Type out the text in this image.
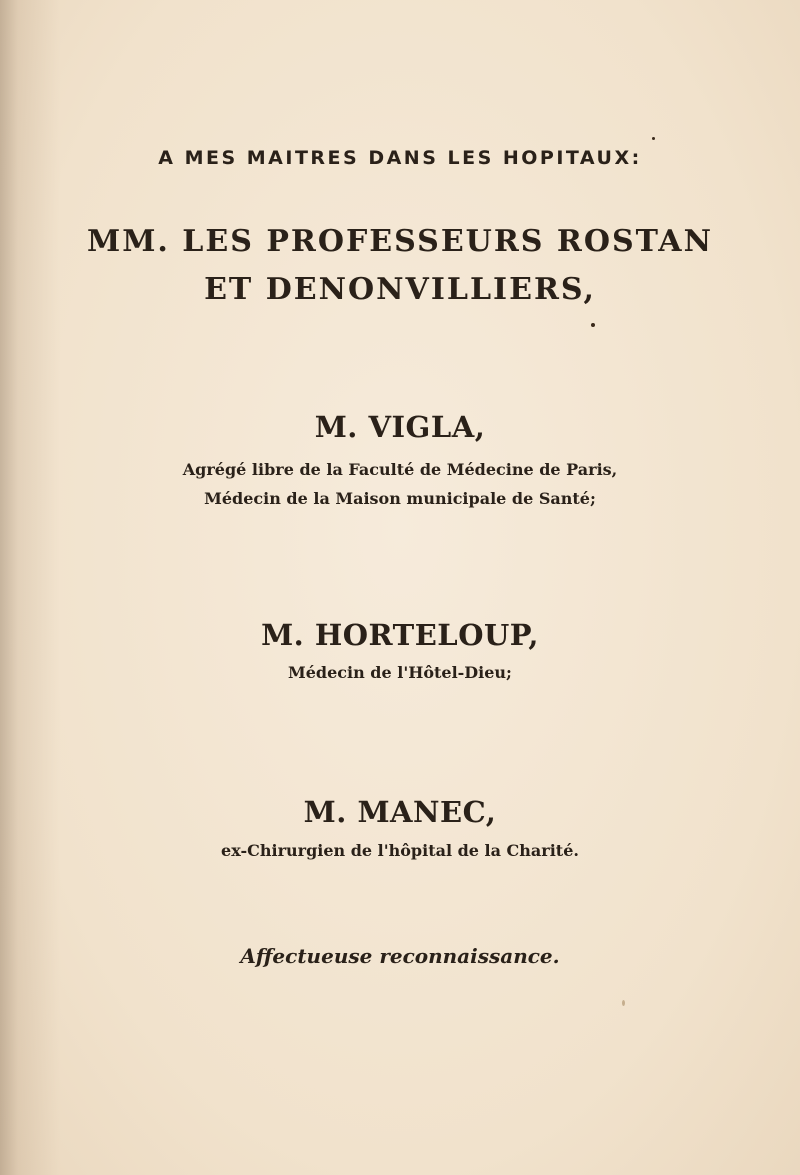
A MES MAITRES DANS LES HOPITAUX:
MM. LES PROFESSEURS ROSTAN
ET DENONVILLIERS,
M. VIGLA,
Agrégé libre de la Faculté de Médecine de Paris,
Médecin de la Maison municipale de Santé;
M. HORTELOUP,
Médecin de l'Hôtel-Dieu;
M. MANEC,
ex-Chirurgien de l'hôpital de la Charité.
Affectueuse reconnaissance.
